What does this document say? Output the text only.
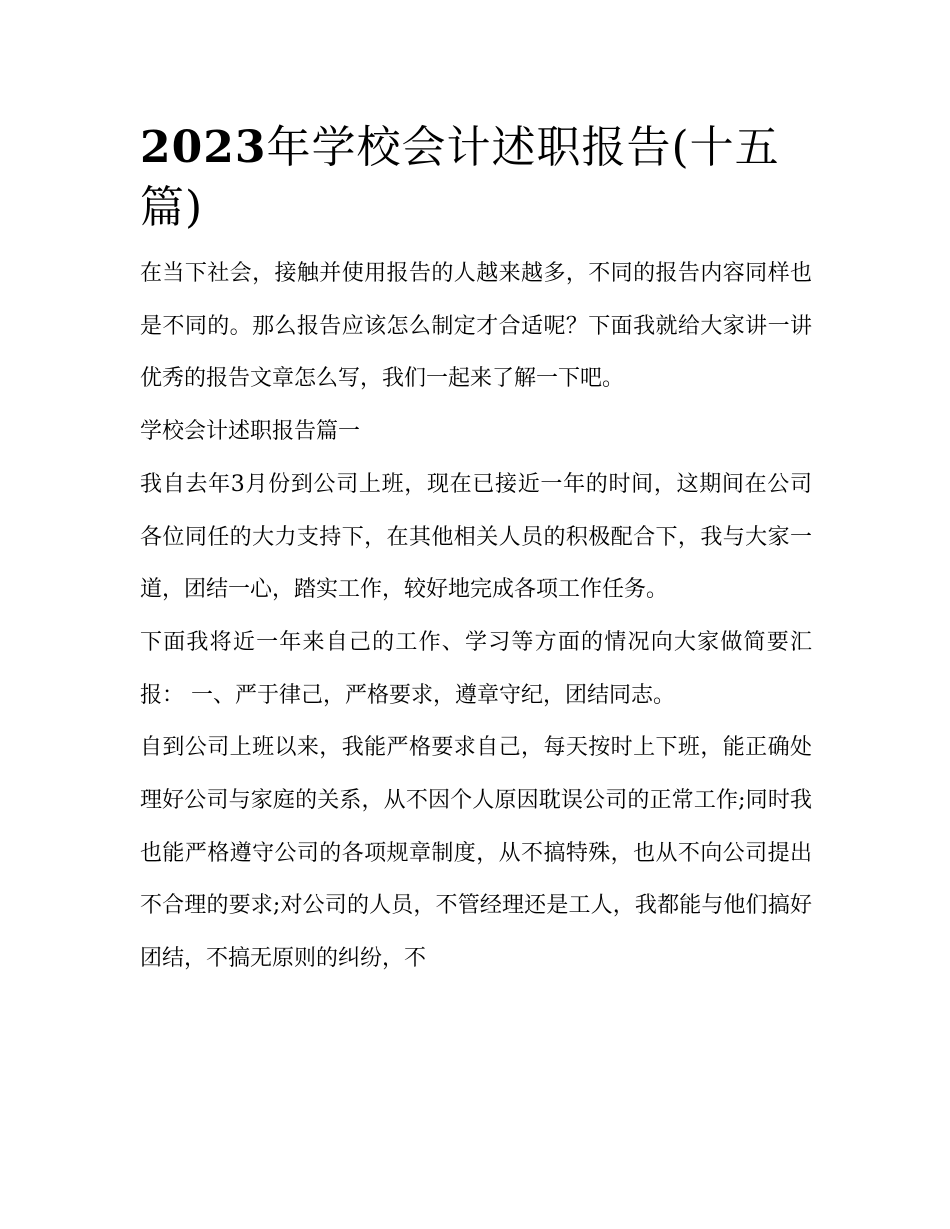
2023年学校会计述职报告(十五篇)

在当下社会，接触并使用报告的人越来越多，不同的报告内容同样也是不同的。那么报告应该怎么制定才合适呢？下面我就给大家讲一讲优秀的报告文章怎么写，我们一起来了解一下吧。

学校会计述职报告篇一

我自去年3月份到公司上班，现在已接近一年的时间，这期间在公司各位同任的大力支持下，在其他相关人员的积极配合下，我与大家一道，团结一心，踏实工作，较好地完成各项工作任务。

下面我将近一年来自己的工作、学习等方面的情况向大家做简要汇报： 一、严于律己，严格要求，遵章守纪，团结同志。

自到公司上班以来，我能严格要求自己，每天按时上下班，能正确处理好公司与家庭的关系，从不因个人原因耽误公司的正常工作;同时我也能严格遵守公司的各项规章制度，从不搞特殊，也从不向公司提出不合理的要求;对公司的人员，不管经理还是工人，我都能与他们搞好团结，不搞无原则的纠纷，不
